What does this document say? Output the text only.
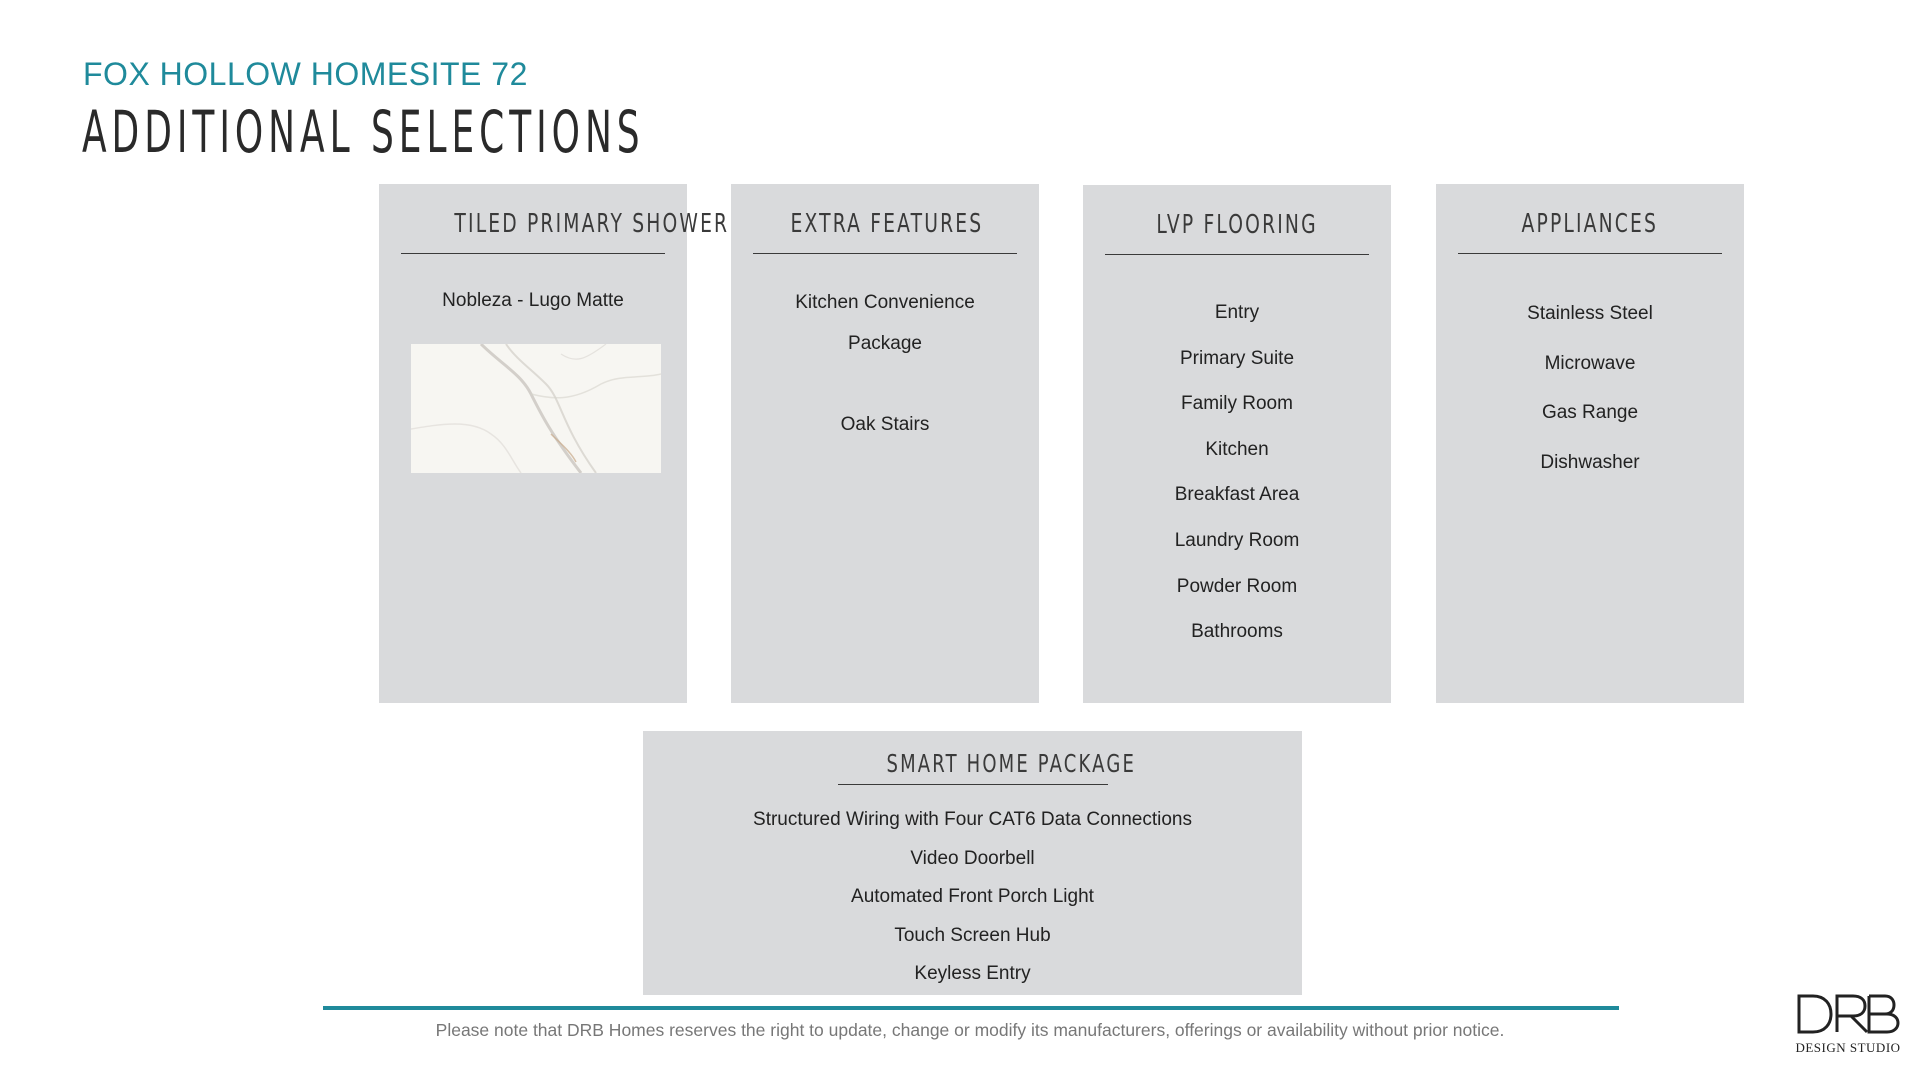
FOX HOLLOW HOMESITE 72
ADDITIONAL SELECTIONS
TILED PRIMARY SHOWER
Nobleza - Lugo Matte
EXTRA FEATURES
Kitchen Convenience
Package
Oak Stairs
LVP FLOORING
Entry
Primary Suite
Family Room
Kitchen
Breakfast Area
Laundry Room
Powder Room
Bathrooms
APPLIANCES
Stainless Steel
Microwave
Gas Range
Dishwasher
SMART HOME PACKAGE
Structured Wiring with Four CAT6 Data Connections
Video Doorbell
Automated Front Porch Light
Touch Screen Hub
Keyless Entry
Please note that DRB Homes reserves the right to update, change or modify its manufacturers, offerings or availability without prior notice.
DESIGN STUDIO
